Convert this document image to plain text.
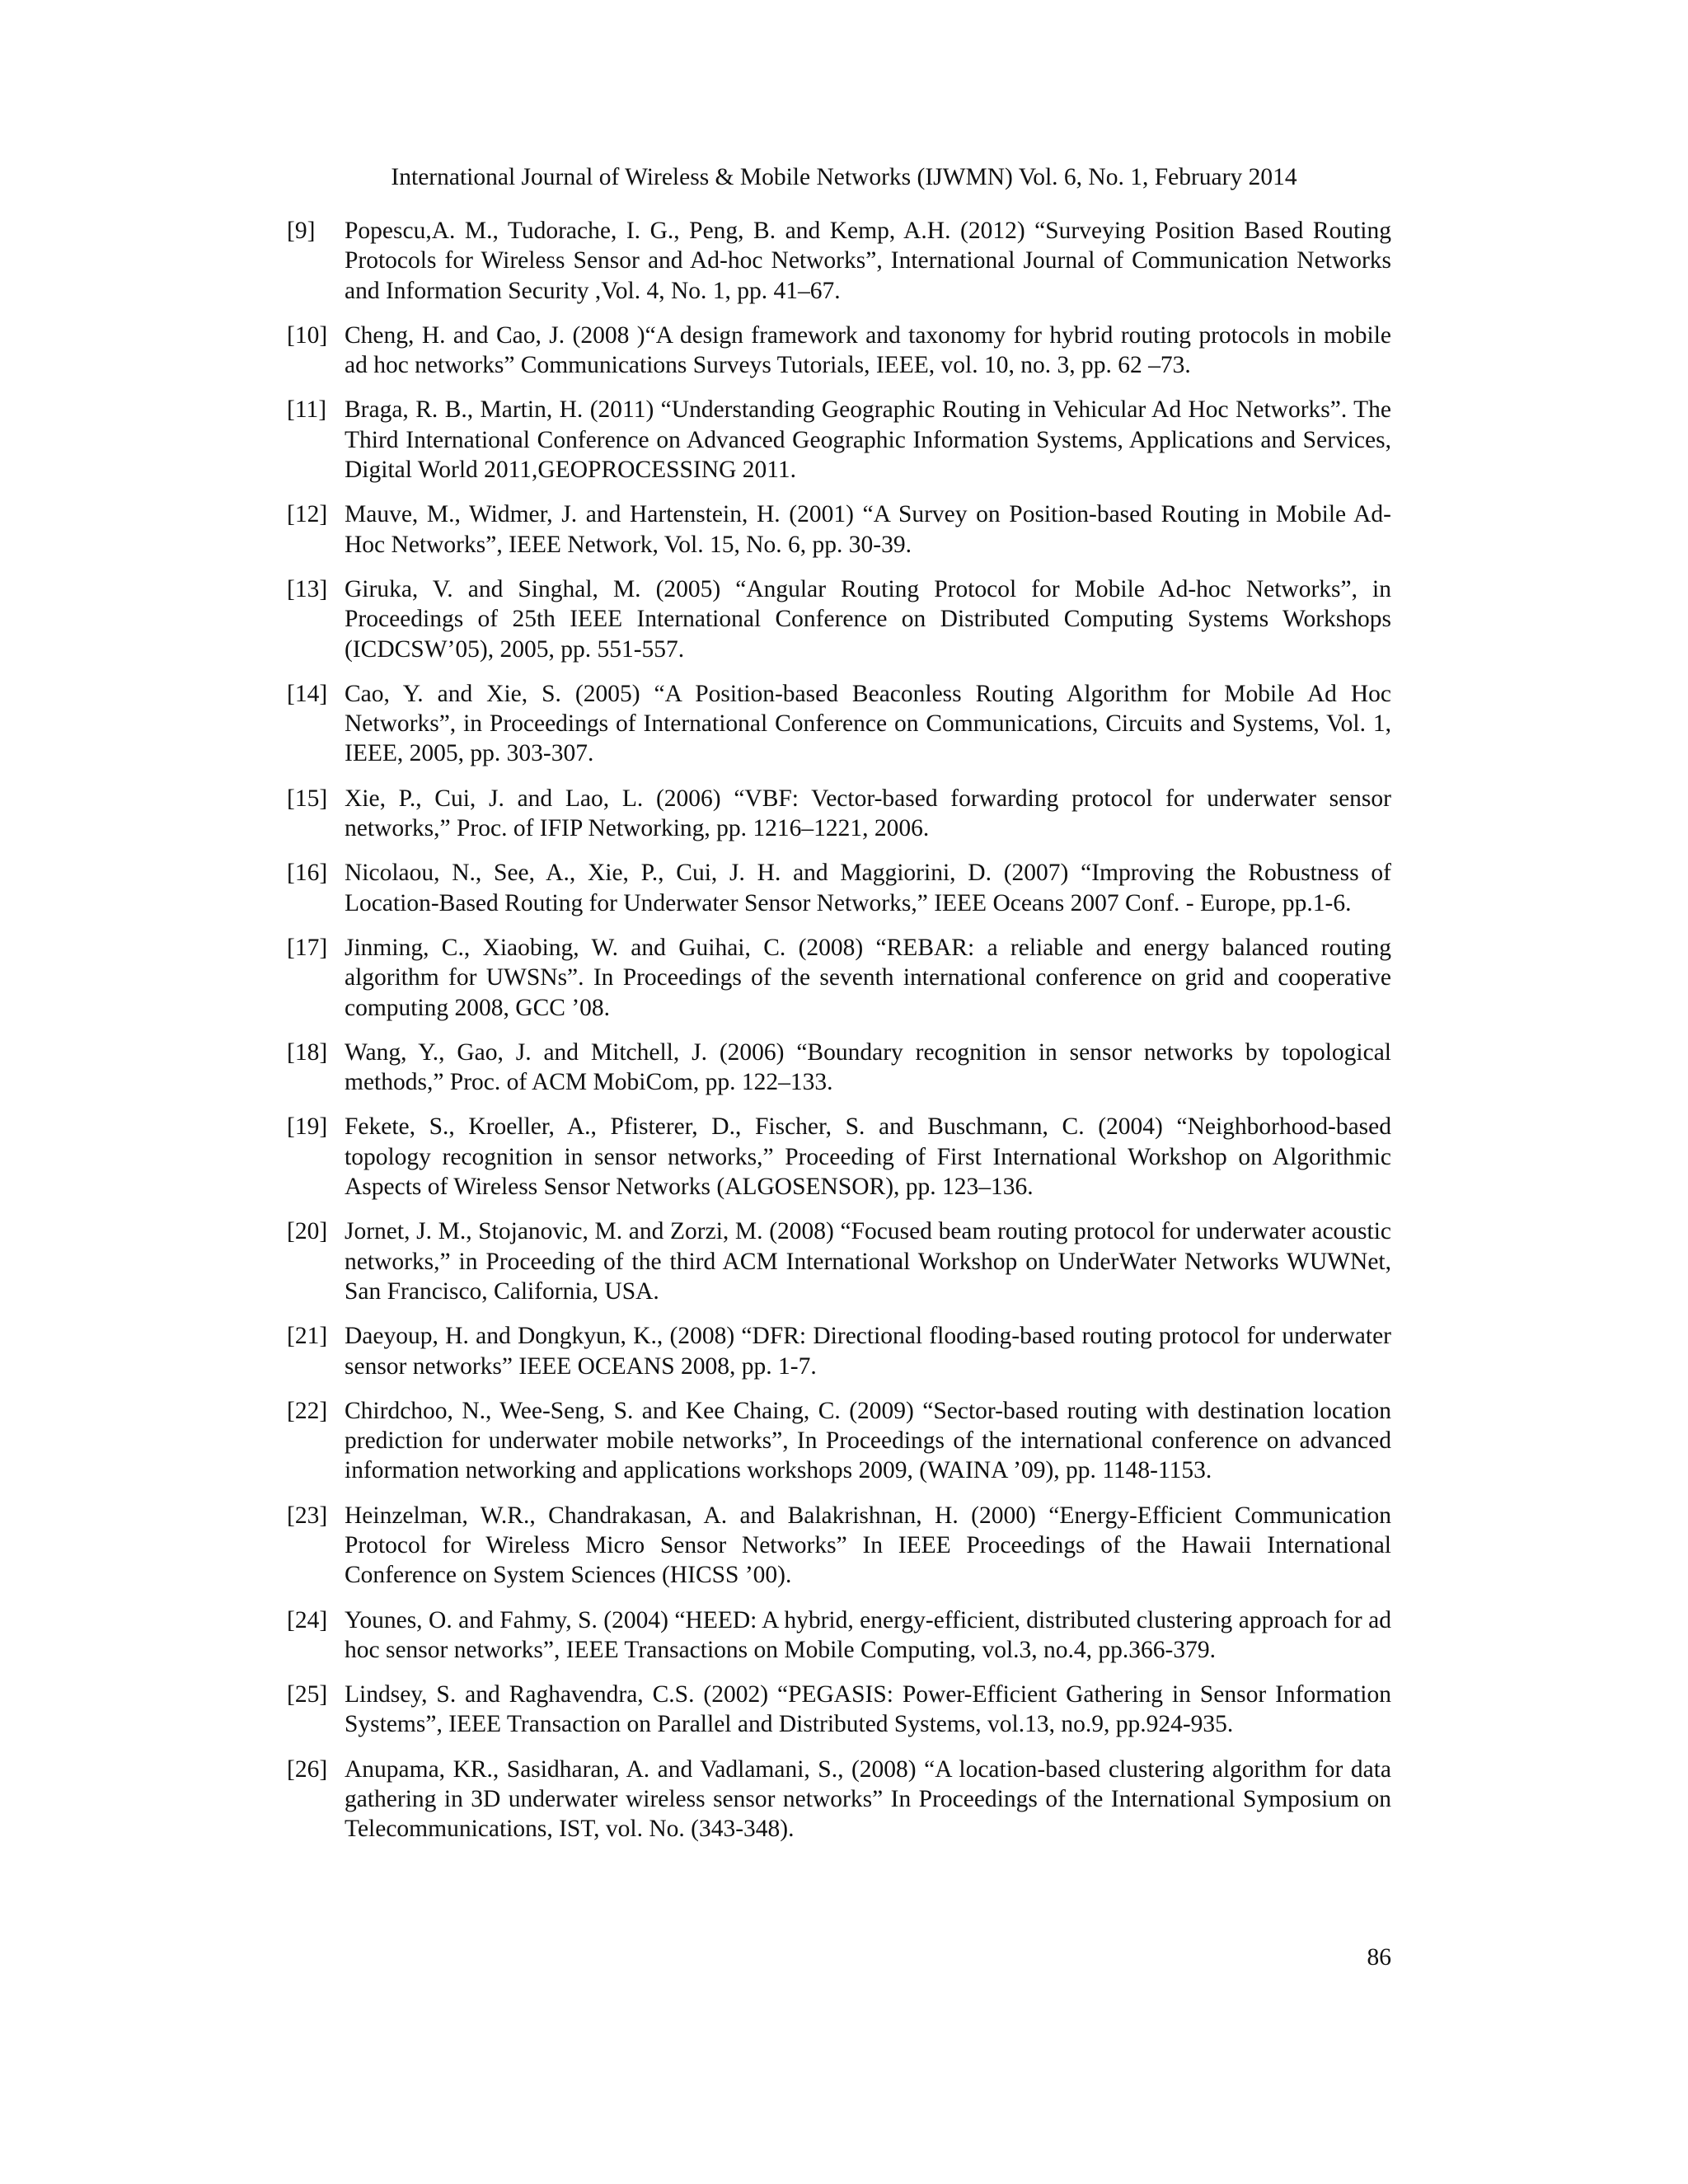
International Journal of Wireless & Mobile Networks (IJWMN) Vol. 6, No. 1, February 2014
[9] Popescu,A. M., Tudorache, I. G., Peng, B. and Kemp, A.H. (2012) “Surveying Position Based Routing Protocols for Wireless Sensor and Ad-hoc Networks”, International Journal of Communication Networks and Information Security ,Vol. 4, No. 1, pp. 41–67.
[10] Cheng, H. and Cao, J. (2008 )“A design framework and taxonomy for hybrid routing protocols in mobile ad hoc networks” Communications Surveys Tutorials, IEEE, vol. 10, no. 3, pp. 62 –73.
[11] Braga, R. B., Martin, H. (2011) “Understanding Geographic Routing in Vehicular Ad Hoc Networks”. The Third International Conference on Advanced Geographic Information Systems, Applications and Services, Digital World 2011,GEOPROCESSING 2011.
[12] Mauve, M., Widmer, J. and Hartenstein, H. (2001) “A Survey on Position-based Routing in Mobile Ad-Hoc Networks”, IEEE Network, Vol. 15, No. 6, pp. 30-39.
[13] Giruka, V. and Singhal, M. (2005) “Angular Routing Protocol for Mobile Ad-hoc Networks”, in Proceedings of 25th IEEE International Conference on Distributed Computing Systems Workshops (ICDCSW’05), 2005, pp. 551-557.
[14] Cao, Y. and Xie, S. (2005) “A Position-based Beaconless Routing Algorithm for Mobile Ad Hoc Networks”, in Proceedings of International Conference on Communications, Circuits and Systems, Vol. 1, IEEE, 2005, pp. 303-307.
[15] Xie, P., Cui, J. and Lao, L. (2006) “VBF: Vector-based forwarding protocol for underwater sensor networks,” Proc. of IFIP Networking, pp. 1216–1221, 2006.
[16] Nicolaou, N., See, A., Xie, P., Cui, J. H. and Maggiorini, D. (2007) “Improving the Robustness of Location-Based Routing for Underwater Sensor Networks,” IEEE Oceans 2007 Conf. - Europe, pp.1-6.
[17] Jinming, C., Xiaobing, W. and Guihai, C. (2008) “REBAR: a reliable and energy balanced routing algorithm for UWSNs”. In Proceedings of the seventh international conference on grid and cooperative computing 2008, GCC ’08.
[18] Wang, Y., Gao, J. and Mitchell, J. (2006) “Boundary recognition in sensor networks by topological methods,” Proc. of ACM MobiCom, pp. 122–133.
[19] Fekete, S., Kroeller, A., Pfisterer, D., Fischer, S. and Buschmann, C. (2004) “Neighborhood-based topology recognition in sensor networks,” Proceeding of First International Workshop on Algorithmic Aspects of Wireless Sensor Networks (ALGOSENSOR), pp. 123–136.
[20] Jornet, J. M., Stojanovic, M. and Zorzi, M. (2008) “Focused beam routing protocol for underwater acoustic networks,” in Proceeding of the third ACM International Workshop on UnderWater Networks WUWNet, San Francisco, California, USA.
[21] Daeyoup, H. and Dongkyun, K., (2008) “DFR: Directional flooding-based routing protocol for underwater sensor networks” IEEE OCEANS 2008, pp. 1-7.
[22] Chirdchoo, N., Wee-Seng, S. and Kee Chaing, C. (2009) “Sector-based routing with destination location prediction for underwater mobile networks”, In Proceedings of the international conference on advanced information networking and applications workshops 2009, (WAINA ’09), pp. 1148-1153.
[23] Heinzelman, W.R., Chandrakasan, A. and Balakrishnan, H. (2000) “Energy-Efficient Communication Protocol for Wireless Micro Sensor Networks” In IEEE Proceedings of the Hawaii International Conference on System Sciences (HICSS ’00).
[24] Younes, O. and Fahmy, S. (2004) “HEED: A hybrid, energy-efficient, distributed clustering approach for ad hoc sensor networks”, IEEE Transactions on Mobile Computing, vol.3, no.4, pp.366-379.
[25] Lindsey, S. and Raghavendra, C.S. (2002) “PEGASIS: Power-Efficient Gathering in Sensor Information Systems”, IEEE Transaction on Parallel and Distributed Systems, vol.13, no.9, pp.924-935.
[26] Anupama, KR., Sasidharan, A. and Vadlamani, S., (2008) “A location-based clustering algorithm for data gathering in 3D underwater wireless sensor networks” In Proceedings of the International Symposium on Telecommunications, IST, vol. No. (343-348).
86
